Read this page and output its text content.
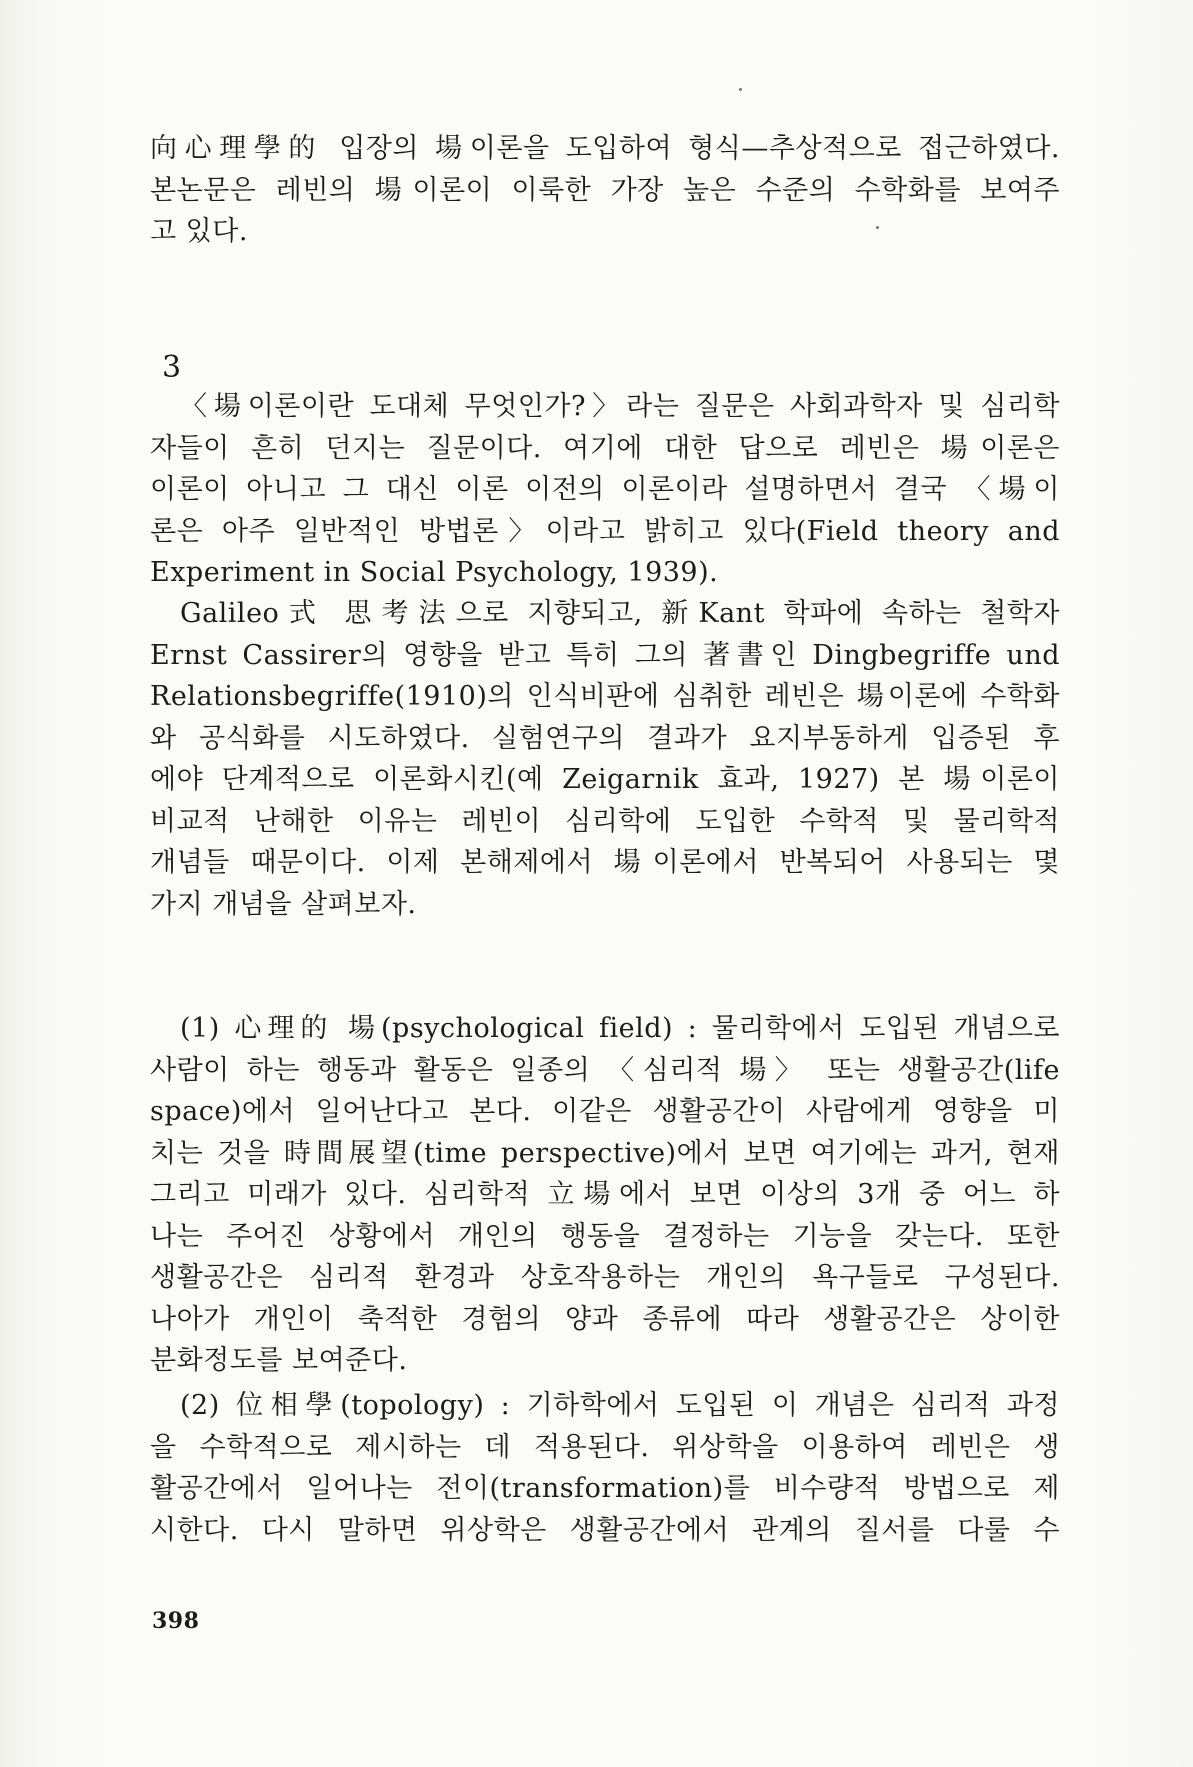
向心理學的 입장의 場이론을 도입하여 형식—추상적으로 접근하였다.

본논문은 레빈의 場이론이 이룩한 가장 높은 수준의 수학화를 보여주

고 있다.

3

〈場이론이란 도대체 무엇인가?〉라는 질문은 사회과학자 및 심리학

자들이 흔히 던지는 질문이다. 여기에 대한 답으로 레빈은 場이론은

이론이 아니고 그 대신 이론 이전의 이론이라 설명하면서 결국 〈場이

론은 아주 일반적인 방법론〉이라고 밝히고 있다(Field theory and

Experiment in Social Psychology, 1939).

Galileo式 思考法으로 지향되고, 新Kant 학파에 속하는 철학자

Ernst Cassirer의 영향을 받고 특히 그의 著書인 Dingbegriffe und

Relationsbegriffe(1910)의 인식비판에 심취한 레빈은 場이론에 수학화

와 공식화를 시도하였다. 실험연구의 결과가 요지부동하게 입증된 후

에야 단계적으로 이론화시킨(예 Zeigarnik 효과, 1927) 본 場이론이

비교적 난해한 이유는 레빈이 심리학에 도입한 수학적 및 물리학적

개념들 때문이다. 이제 본해제에서 場이론에서 반복되어 사용되는 몇

가지 개념을 살펴보자.

(1) 心理的 場(psychological field) : 물리학에서 도입된 개념으로

사람이 하는 행동과 활동은 일종의 〈심리적 場〉 또는 생활공간(life

space)에서 일어난다고 본다. 이같은 생활공간이 사람에게 영향을 미

치는 것을 時間展望(time perspective)에서 보면 여기에는 과거, 현재

그리고 미래가 있다. 심리학적 立場에서 보면 이상의 3개 중 어느 하

나는 주어진 상황에서 개인의 행동을 결정하는 기능을 갖는다. 또한

생활공간은 심리적 환경과 상호작용하는 개인의 욕구들로 구성된다.

나아가 개인이 축적한 경험의 양과 종류에 따라 생활공간은 상이한

분화정도를 보여준다.

(2) 位相學(topology) : 기하학에서 도입된 이 개념은 심리적 과정

을 수학적으로 제시하는 데 적용된다. 위상학을 이용하여 레빈은 생

활공간에서 일어나는 전이(transformation)를 비수량적 방법으로 제

시한다. 다시 말하면 위상학은 생활공간에서 관계의 질서를 다룰 수

398
